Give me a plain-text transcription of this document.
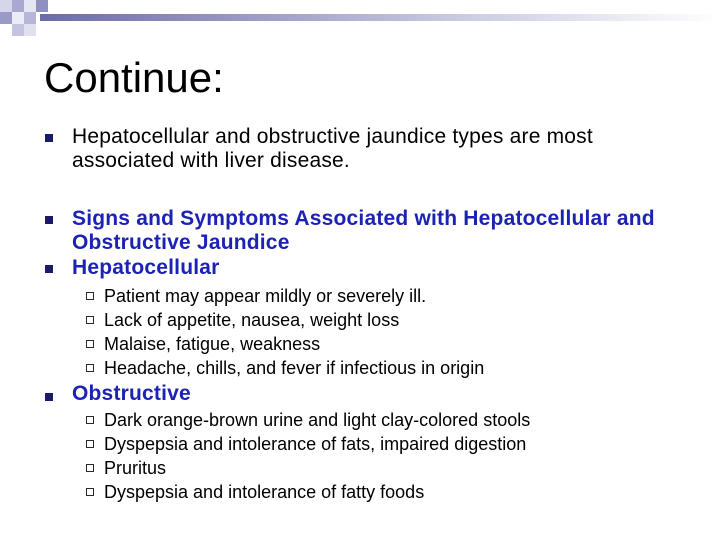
Continue:
Hepatocellular and obstructive jaundice types are most associated with liver disease.
Signs and Symptoms Associated with Hepatocellular and Obstructive Jaundice
Hepatocellular
Patient may appear mildly or severely ill.
Lack of appetite, nausea, weight loss
Malaise, fatigue, weakness
Headache, chills, and fever if infectious in origin
Obstructive
Dark orange-brown urine and light clay-colored stools
Dyspepsia and intolerance of fats, impaired digestion
Pruritus
Dyspepsia and intolerance of fatty foods
